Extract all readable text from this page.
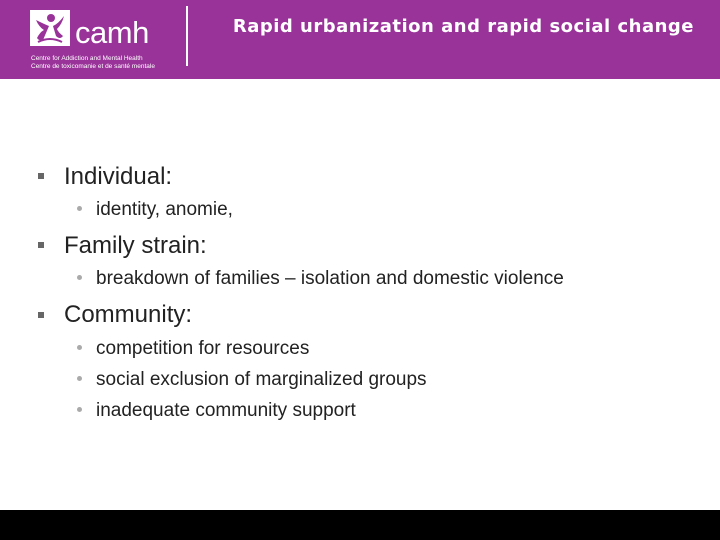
camh
Centre for Addiction and Mental Health
Centre de toxicomanie et de santé mentale
Rapid urbanization and rapid social change
Individual:
identity, anomie,
Family strain:
breakdown of families – isolation and domestic violence
Community:
competition for resources
social exclusion of marginalized groups
inadequate community support
